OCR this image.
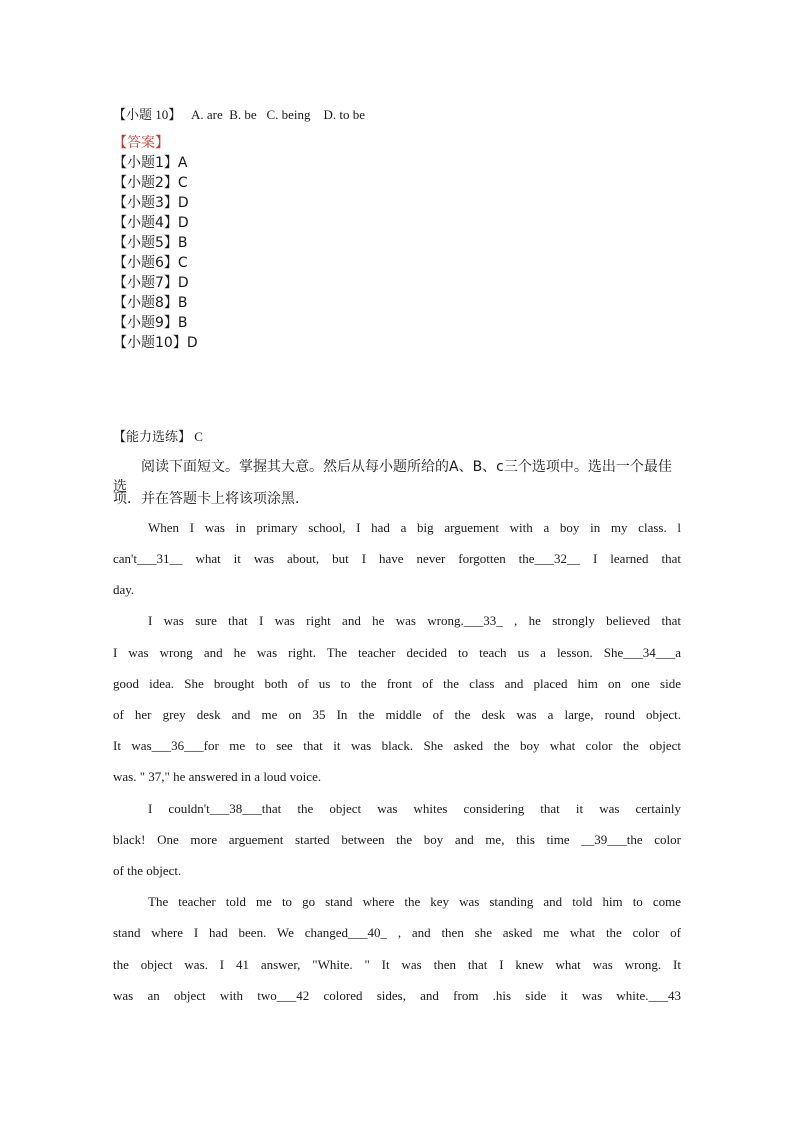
【小题 10】   A. are  B. be   C. being    D. to be
【答案】
【小题1】A
【小题2】C
【小题3】D
【小题4】D
【小题5】B
【小题6】C
【小题7】D
【小题8】B
【小题9】B
【小题10】D
【能力选练】 C
阅读下面短文。掌握其大意。然后从每小题所给的A、B、c三个选项中。选出一个最佳选
项．并在答题卡上将该项涂黑．
When I was in primary school, I had a big arguement with a boy in my class. l
can't___31__ what it was about, but I have never forgotten the___32__ I learned that
day.
I was sure that I was right and he was wrong.___33_ , he strongly believed that
I was wrong and he was right. The teacher decided to teach us a lesson. She___34___a
good idea. She brought both of us to the front of the class and placed him on one side
of her grey desk and me on 35 In the middle of the desk was a large, round object.
It was___36___for me to see that it was black. She asked the boy what color the object
was. " 37," he answered in a loud voice.
I couldn't___38___that the object was whites considering that it was certainly
black! One more arguement started between the boy and me, this time __39___the color
of the object.
The teacher told me to go stand where the key was standing and told him to come
stand where I had been. We changed___40_ , and then she asked me what the color of
the object was. I 41 answer, "White. " It was then that I knew what was wrong. It
was an object with two___42 colored sides, and from .his side it was white.___43
